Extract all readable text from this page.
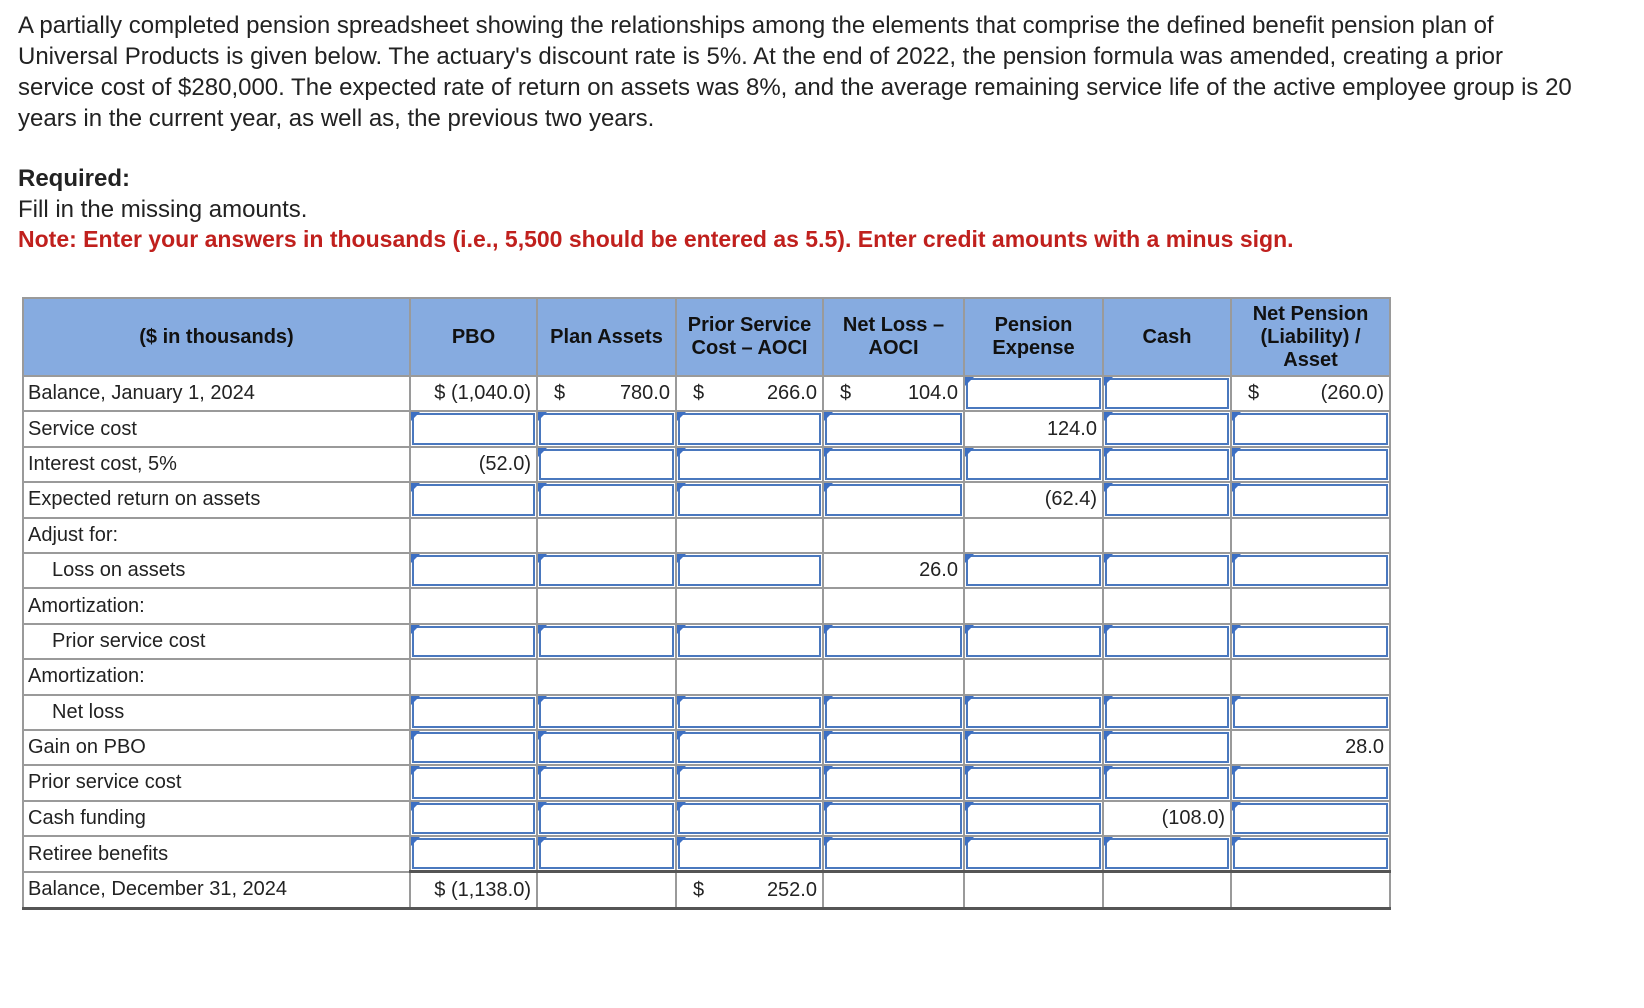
A partially completed pension spreadsheet showing the relationships among the elements that comprise the defined benefit pension plan of Universal Products is given below. The actuary's discount rate is 5%. At the end of 2022, the pension formula was amended, creating a prior service cost of $280,000. The expected rate of return on assets was 8%, and the average remaining service life of the active employee group is 20 years in the current year, as well as, the previous two years.

Required:

Fill in the missing amounts.

Note: Enter your answers in thousands (i.e., 5,500 should be entered as 5.5). Enter credit amounts with a minus sign.

($ in thousands)	PBO	Plan Assets	Prior Service Cost – AOCI	Net Loss – AOCI	Pension Expense	Cash	Net Pension (Liability) / Asset
Balance, January 1, 2024	$ (1,040.0)	$ 780.0	$ 266.0	$ 104.0			$ (260.0)
Service cost					124.0	

Interest cost, 5%	(52.0)	

Expected return on assets					(62.4)	

Adjust for:							
Loss on assets				26.0	

Amortization:							
Prior service cost	

Amortization:							
Net loss	

Gain on PBO							28.0
Prior service cost	

Cash funding						(108.0)	

Retiree benefits	

Balance, December 31, 2024	$ (1,138.0)		$ 252.0				
